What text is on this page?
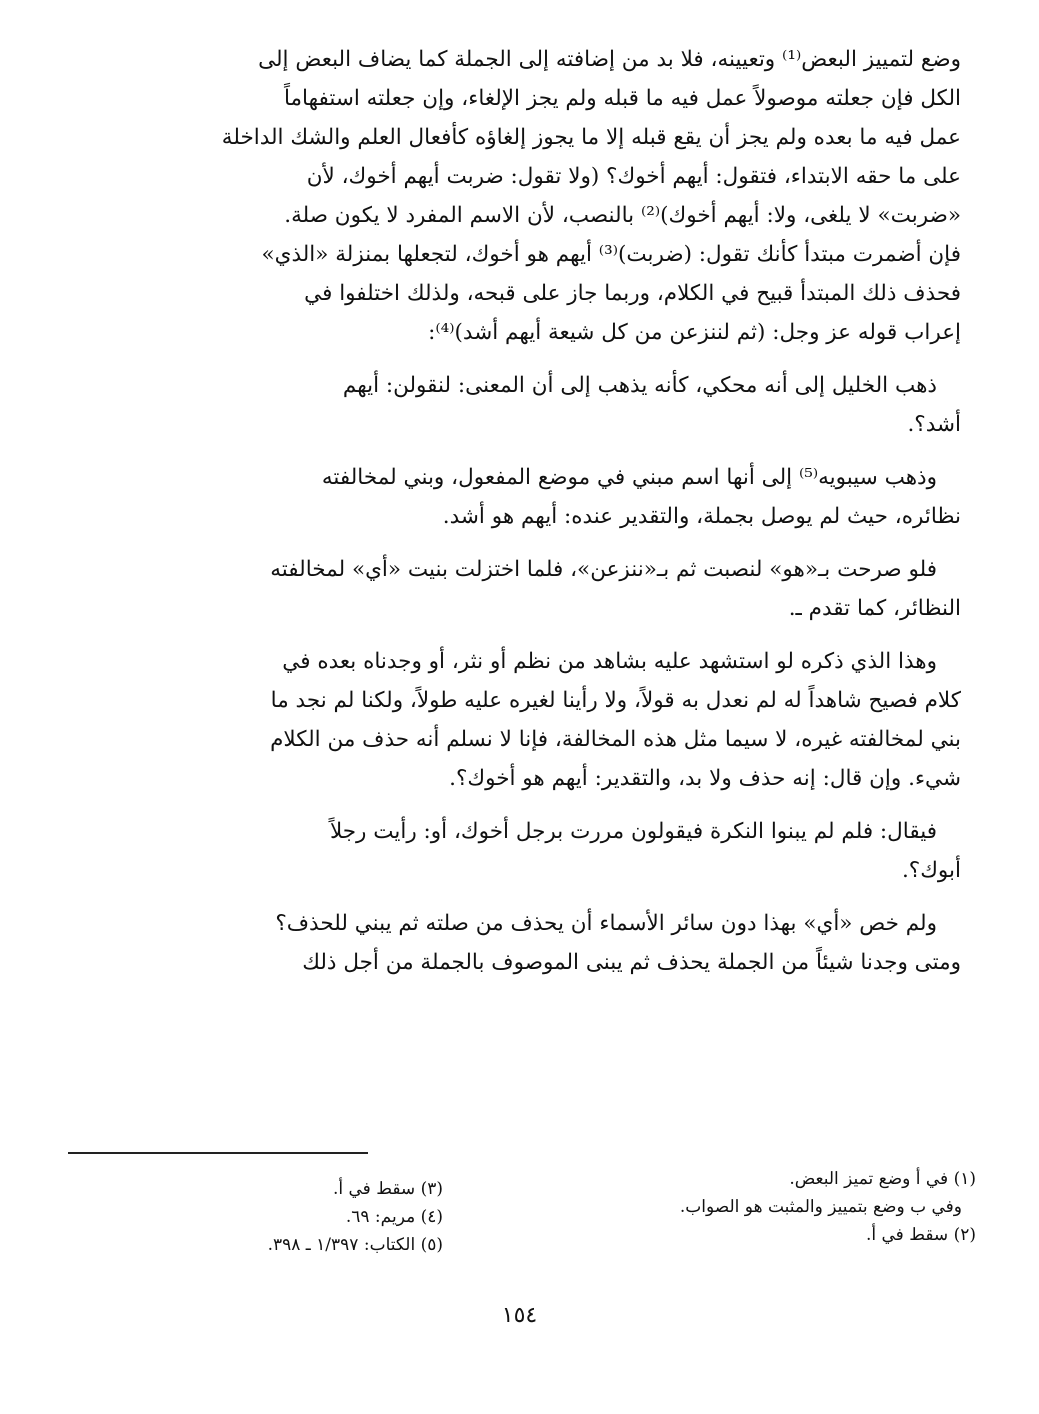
وضع لتمييز البعض⁽¹⁾ وتعيينه، فلا بد من إضافته إلى الجملة كما يضاف البعض إلى
الكل فإن جعلته موصولاً عمل فيه ما قبله ولم يجز الإلغاء، وإن جعلته استفهاماً
عمل فيه ما بعده ولم يجز أن يقع قبله إلا ما يجوز إلغاؤه كأفعال العلم والشك الداخلة
على ما حقه الابتداء، فتقول: أيهم أخوك؟ (ولا تقول: ضربت أيهم أخوك، لأن
«ضربت» لا يلغى، ولا: أيهم أخوك)⁽²⁾ بالنصب، لأن الاسم المفرد لا يكون صلة.
فإن أضمرت مبتدأ كأنك تقول: (ضربت)⁽³⁾ أيهم هو أخوك، لتجعلها بمنزلة «الذي»
فحذف ذلك المبتدأ قبيح في الكلام، وربما جاز على قبحه، ولذلك اختلفوا في
إعراب قوله عز وجل: (ثم لننزعن من كل شيعة أيهم أشد)⁽⁴⁾:
ذهب الخليل إلى أنه محكي، كأنه يذهب إلى أن المعنى: لنقولن: أيهم
أشد؟.
وذهب سيبويه⁽⁵⁾ إلى أنها اسم مبني في موضع المفعول، وبني لمخالفته
نظائره، حيث لم يوصل بجملة، والتقدير عنده: أيهم هو أشد.
فلو صرحت بـ«هو» لنصبت ثم بـ«ننزعن»، فلما اختزلت بنيت «أي» لمخالفته
النظائر، كما تقدم ـ.
وهذا الذي ذكره لو استشهد عليه بشاهد من نظم أو نثر، أو وجدناه بعده في
كلام فصيح شاهداً له لم نعدل به قولاً، ولا رأينا لغيره عليه طولاً، ولكنا لم نجد ما
بني لمخالفته غيره، لا سيما مثل هذه المخالفة، فإنا لا نسلم أنه حذف من الكلام
شيء. وإن قال: إنه حذف ولا بد، والتقدير: أيهم هو أخوك؟.
فيقال: فلم لم يبنوا النكرة فيقولون مررت برجل أخوك، أو: رأيت رجلاً
أبوك؟.
ولم خص «أي» بهذا دون سائر الأسماء أن يحذف من صلته ثم يبني للحذف؟
ومتى وجدنا شيئاً من الجملة يحذف ثم يبنى الموصوف بالجملة من أجل ذلك
(١) في أ وضع تميز البعض.
وفي ب وضع بتمييز والمثبت هو الصواب.
(٢) سقط في أ.
(٣) سقط في أ.
(٤) مريم: ٦٩.
(٥) الكتاب: ١/٣٩٧ ـ ٣٩٨.
١٥٤
